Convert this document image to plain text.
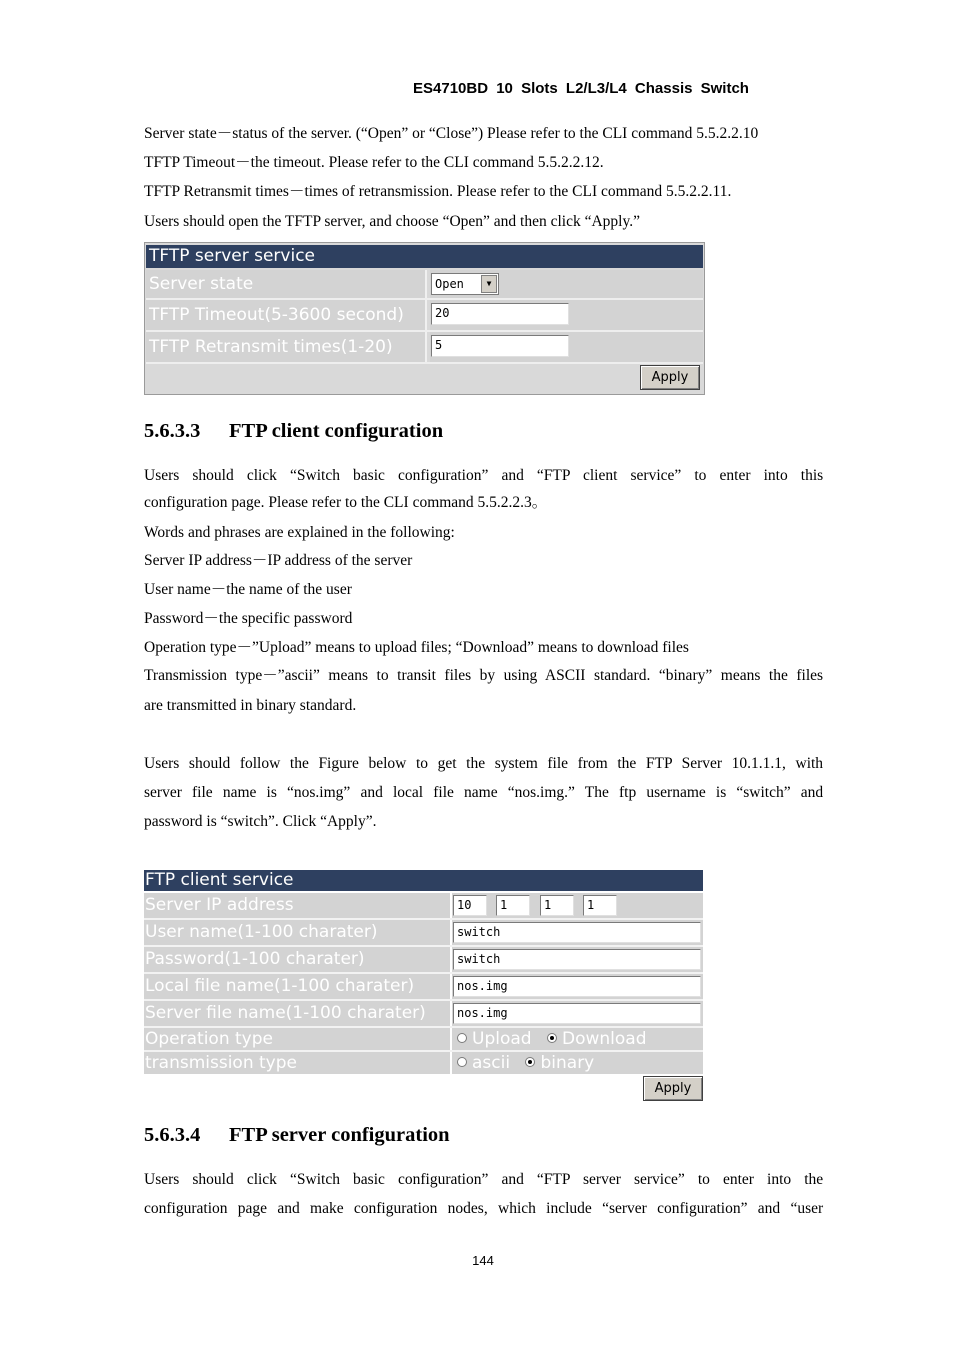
ES4710BD 10 Slots L2/L3/L4 Chassis Switch
Server state－status of the server. (“Open” or “Close”) Please refer to the CLI command 5.5.2.2.10
TFTP Timeout－the timeout. Please refer to the CLI command 5.5.2.2.12.
TFTP Retransmit times－times of retransmission. Please refer to the CLI command 5.5.2.2.11.
Users should open the TFTP server, and choose “Open” and then click “Apply.”
TFTP server service
Server state	Open	▼
TFTP Timeout(5-3600 second)	20
TFTP Retransmit times(1-20)	5
Apply
5.6.3.3 FTP client configuration
Users should click “Switch basic configuration” and “FTP client service” to enter into this
configuration page. Please refer to the CLI command 5.5.2.2.3。
Words and phrases are explained in the following:
Server IP address－IP address of the server
User name－the name of the user
Password－the specific password
Operation type－”Upload” means to upload files; “Download” means to download files
Transmission type－”ascii” means to transit files by using ASCII standard. “binary” means the files
are transmitted in binary standard.
Users should follow the Figure below to get the system file from the FTP Server 10.1.1.1, with
server file name is “nos.img” and local file name “nos.img.” The ftp username is “switch” and
password is “switch”. Click “Apply”.
FTP client service
Server IP address	10	1	1	1
User name(1-100 charater)	switch
Password(1-100 charater)	switch
Local file name(1-100 charater)	nos.img
Server file name(1-100 charater)	nos.img
Operation type	Upload Download
transmission type	ascii binary
Apply
5.6.3.4 FTP server configuration
Users should click “Switch basic configuration” and “FTP server service” to enter into the
configuration page and make configuration nodes, which include “server configuration” and “user
144
